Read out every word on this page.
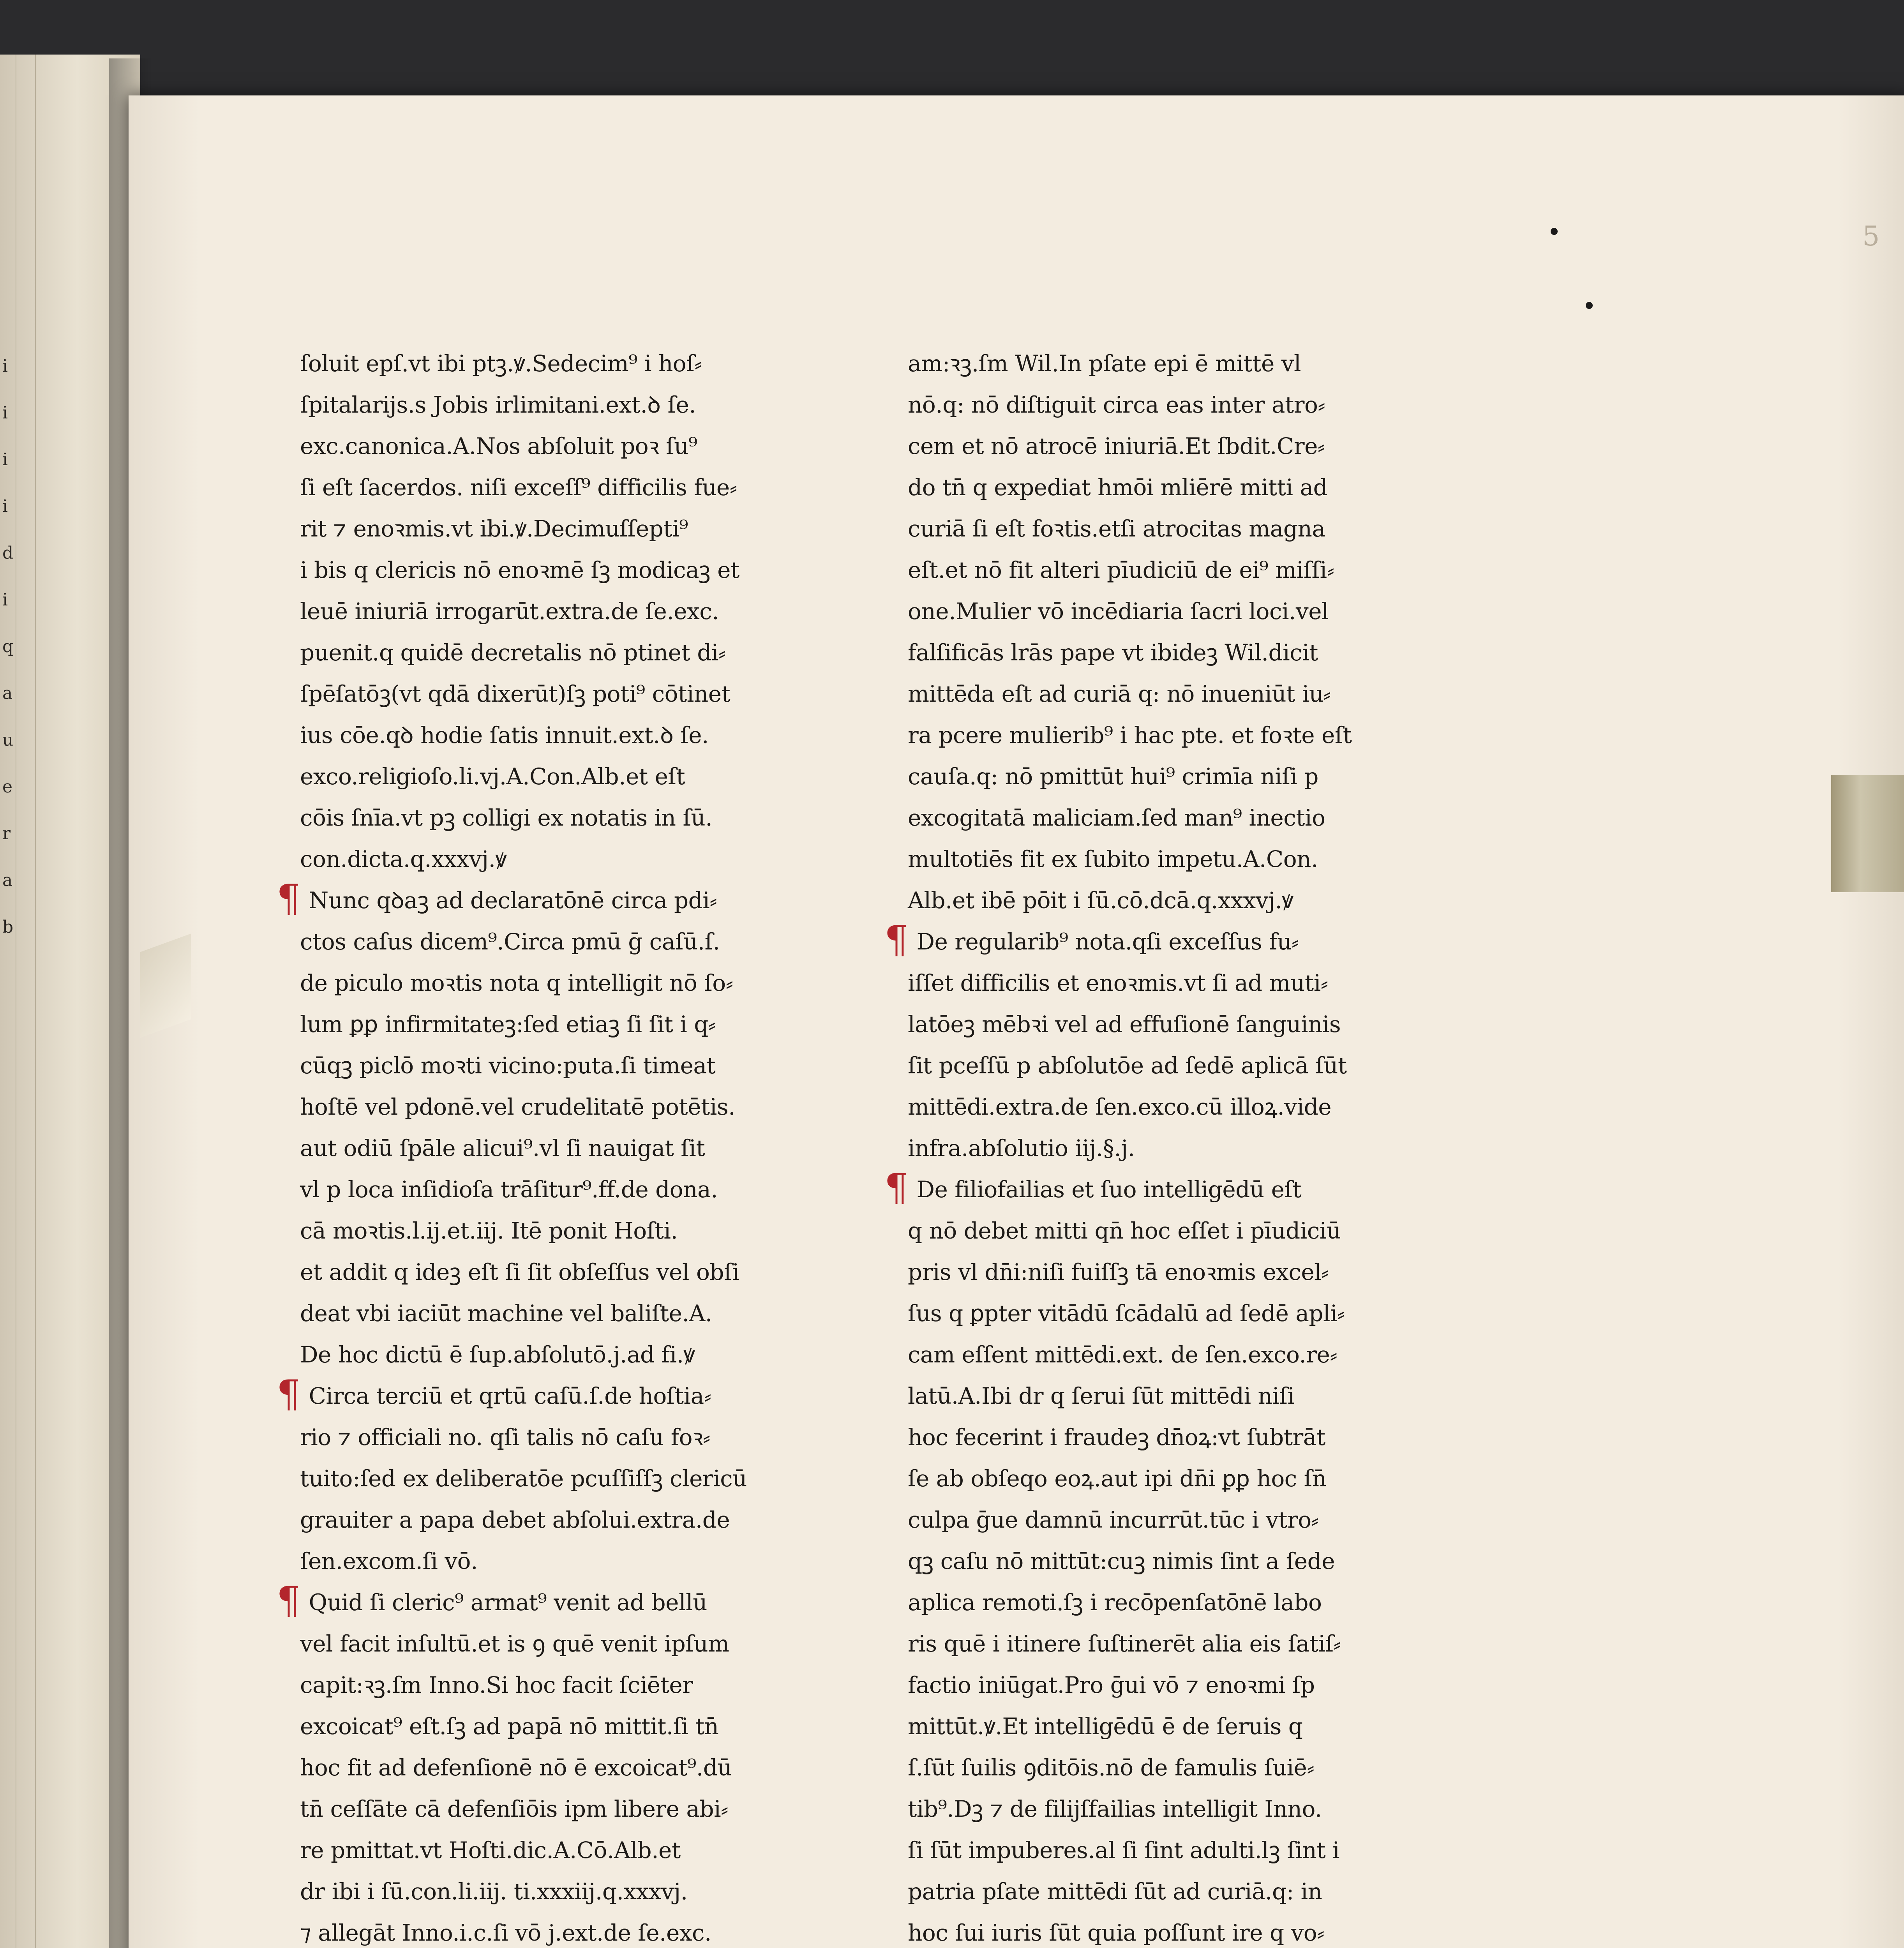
i
i
i
i
d
i
q
a
u
e
r
a
b
5
ſoluit epſ.vt ibi ptꝫ.ꝟ.Sedecim⁹ i hoſ⸗
ſpitalarijs.s Jobis irlimitani.ext.ꝺ ſe.
exc.canonica.A.Nos abſoluit poꝛ ſu⁹
ſi eſt ſacerdos. niſi exceſſ⁹ difficilis fue⸗
rit ⁊ enoꝛmis.vt ibi.ꝟ.Decimuſſepti⁹
i bis q clericis nō enoꝛmē ſꝫ modicaꝫ et
leuē iniuriā irrogarūt.extra.de ſe.exc.
puenit.q quidē decretalis nō ptinet di⸗
ſpēſatōꝫ(vt qdā dixerūt)ſꝫ poti⁹ cōtinet
ius cōe.qꝺ hodie ſatis innuit.ext.ꝺ ſe.
exco.religioſo.li.vj.A.Con.Alb.et eſt
cōis ſnīa.vt pꝫ colligi ex notatis in ſū.
con.dicta.q.xxxvj.ꝟ
¶ Nunc qꝺaꝫ ad declaratōnē circa pdi⸗
ctos caſus dicem⁹.Circa pmū ḡ caſū.ſ.
de piculo moꝛtis nota q intelligit nō ſo⸗
lum ꝑꝑ infirmitateꝫ:ſed etiaꝫ ſi ſit i q⸗
cūqꝫ piclō moꝛti vicino:puta.ſi timeat
hoſtē vel pdonē.vel crudelitatē potētis.
aut odiū ſpāle alicui⁹.vl ſi nauigat ſit
vl p loca inſidioſa trāſitur⁹.ff.de dona.
cā moꝛtis.l.ij.et.iij. Itē ponit Hoſti.
et addit q ideꝫ eſt ſi ſit obſeſſus vel obſi
deat vbi iaciūt machine vel baliſte.A.
De hoc dictū ē ſup.abſolutō.j.ad fi.ꝟ
¶ Circa terciū et qrtū caſū.ſ.de hoſtia⸗
rio ⁊ officiali no. qſi talis nō caſu foꝛ⸗
tuito:ſed ex deliberatōe pcuſſiſſꝫ clericū
grauiter a papa debet abſolui.extra.de
ſen.excom.ſi vō.
¶ Quid ſi cleric⁹ armat⁹ venit ad bellū
vel facit inſultū.et is ꝯ quē venit ipſum
capit:ꝛꝫ.ſm Inno.Si hoc facit ſciēter
excoicat⁹ eſt.ſꝫ ad papā nō mittit.ſi tn̄
hoc fit ad defenſionē nō ē excoicat⁹.dū
tn̄ ceſſāte cā defenſiōis ipm libere abi⸗
re pmittat.vt Hoſti.dic.A.Cō.Alb.et
dr ibi i ſū.con.li.iij. ti.xxxiij.q.xxxvj.
⁊ allegāt Inno.i.c.ſi vō j.ext.de ſe.exc.
am:ꝛꝫ.ſm Wil.In pſate epi ē mittē vl
nō.q: nō diſtiguit circa eas inter atro⸗
cem et nō atrocē iniuriā.Et ſbdit.Cre⸗
do tn̄ q expediat hmōi mliērē mitti ad
curiā ſi eſt foꝛtis.etſi atrocitas magna
eſt.et nō fit alteri pīudiciū de ei⁹ miſſi⸗
one.Mulier vō incēdiaria ſacri loci.vel
falſificās lrās pape vt ibideꝫ Wil.dicit
mittēda eſt ad curiā q: nō inueniūt iu⸗
ra pcere mulierib⁹ i hac pte. et foꝛte eſt
cauſa.q: nō pmittūt hui⁹ crimīa niſi p
excogitatā maliciam.ſed man⁹ inectio
multotiēs fit ex ſubito impetu.A.Con.
Alb.et ibē pōit i ſū.cō.dcā.q.xxxvj.ꝟ
¶ De regularib⁹ nota.qſi exceſſus fu⸗
iſſet difficilis et enoꝛmis.vt ſi ad muti⸗
latōeꝫ mēbꝛi vel ad effuſionē ſanguinis
ſit pceſſū p abſolutōe ad ſedē aplicā ſūt
mittēdi.extra.de ſen.exco.cū illoꝝ.vide
infra.abſolutio iij.§.j.
¶ De filiofailias et ſuo intelligēdū eſt
q nō debet mitti qn̄ hoc eſſet i pīudiciū
pris vl dn̄i:niſi fuiſſꝫ tā enoꝛmis excel⸗
ſus q ꝑpter vitādū ſcādalū ad ſedē apli⸗
cam eſſent mittēdi.ext. de ſen.exco.re⸗
latū.A.Ibi dr q ſerui ſūt mittēdi niſi
hoc fecerint i fraudeꝫ dn̄oꝝ:vt ſubtrāt
ſe ab obſeqo eoꝝ.aut ipi dn̄i ꝑꝑ hoc ſn̄
culpa ḡue damnū incurrūt.tūc i vtro⸗
qꝫ caſu nō mittūt:cuꝫ nimis ſint a ſede
aplica remoti.ſꝫ i recōpenſatōnē labo
ris quē i itinere ſuſtinerēt alia eis ſatiſ⸗
factio iniūgat.Pro ḡui vō ⁊ enoꝛmi ſp
mittūt.ꝟ.Et intelligēdū ē de ſeruis q
ſ.ſūt ſuilis ꝯditōis.nō de famulis ſuiē⸗
tib⁹.Dꝫ ⁊ de filijſfailias intelligit Inno.
ſi ſūt impuberes.al ſi ſint adulti.lꝫ ſint i
patria pſate mittēdi ſūt ad curiā.q: in
hoc ſui iuris ſūt quia poſſunt ire q vo⸗
